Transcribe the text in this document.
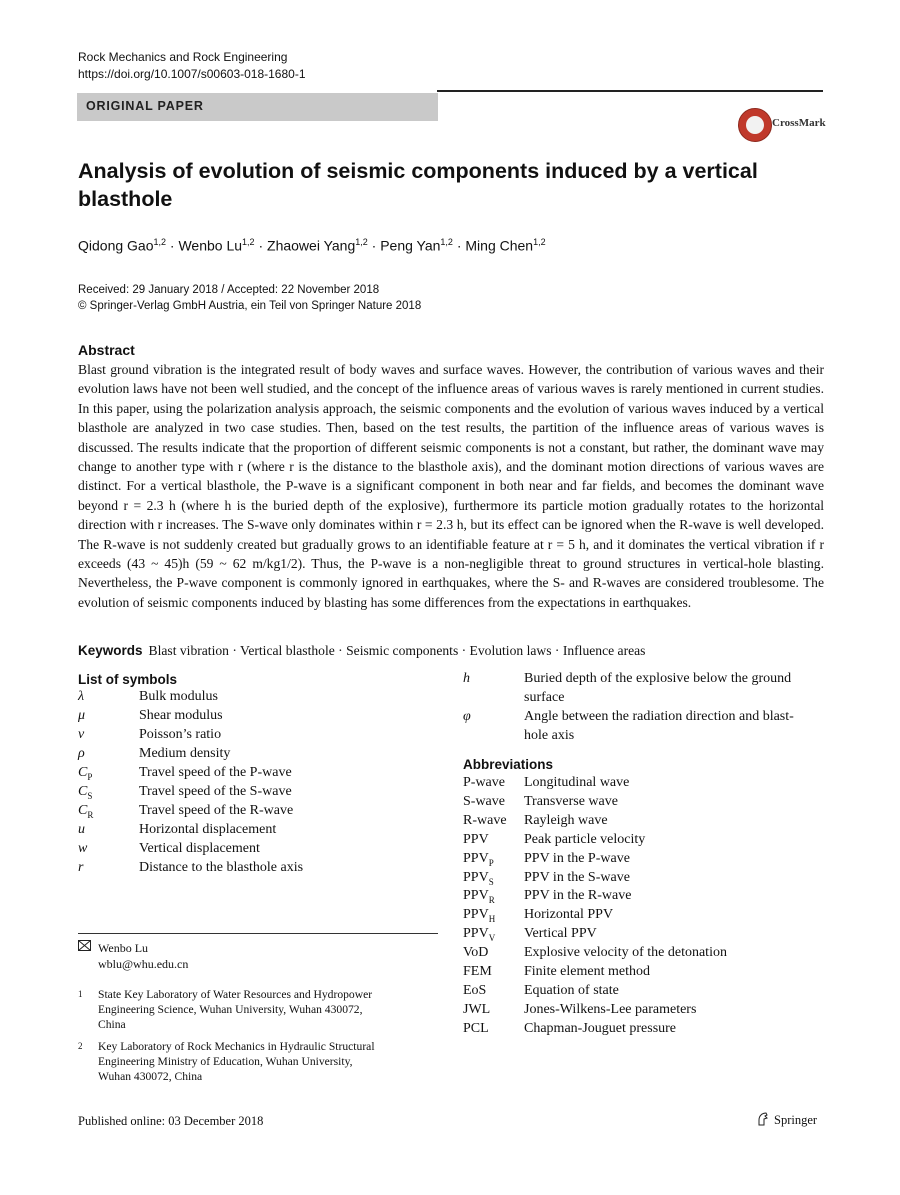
Rock Mechanics and Rock Engineering
https://doi.org/10.1007/s00603-018-1680-1
ORIGINAL PAPER
CrossMark
Analysis of evolution of seismic components induced by a vertical blasthole
Qidong Gao$^{1,2}$ · Wenbo Lu$^{1,2}$ · Zhaowei Yang$^{1,2}$ · Peng Yan$^{1,2}$ · Ming Chen$^{1,2}$
Received: 29 January 2018 / Accepted: 22 November 2018
© Springer-Verlag GmbH Austria, ein Teil von Springer Nature 2018
Abstract
Blast ground vibration is the integrated result of body waves and surface waves. However, the contribution of various waves and their evolution laws have not been well studied, and the concept of the influence areas of various waves is rarely mentioned in current studies. In this paper, using the polarization analysis approach, the seismic components and the evolution of various waves induced by a vertical blasthole are analyzed in two case studies. Then, based on the test results, the partition of the influence areas of various waves is discussed. The results indicate that the proportion of different seismic components is not a constant, but rather, the dominant wave may change to another type with r (where r is the distance to the blasthole axis), and the dominant motion directions of various waves are distinct. For a vertical blasthole, the P-wave is a significant component in both near and far fields, and becomes the dominant wave beyond r = 2.3 h (where h is the buried depth of the explosive), furthermore its particle motion gradually rotates to the horizontal direction with r increases. The S-wave only dominates within r = 2.3 h, but its effect can be ignored when the R-wave is well developed. The R-wave is not suddenly created but gradually grows to an identifiable feature at r = 5 h, and it dominates the vertical vibration if r exceeds (43 ~ 45)h (59 ~ 62 m/kg1/2). Thus, the P-wave is a non-negligible threat to ground structures in vertical-hole blasting. Nevertheless, the P-wave component is commonly ignored in earthquakes, where the S- and R-waves are considered troublesome. The evolution of seismic components induced by blasting has some differences from the expectations in earthquakes.
Keywords Blast vibration · Vertical blasthole · Seismic components · Evolution laws · Influence areas
List of symbols
λ	Bulk modulus
μ	Shear modulus
ν	Poisson’s ratio
ρ	Medium density
$C_P$	Travel speed of the P-wave
$C_S$	Travel speed of the S-wave
$C_R$	Travel speed of the R-wave
u	Horizontal displacement
w	Vertical displacement
r	Distance to the blasthole axis
h	Buried depth of the explosive below the ground
surface
φ	Angle between the radiation direction and blast-
hole axis
Abbreviations
P-wave Longitudinal wave
S-wave Transverse wave
R-wave Rayleigh wave
PPV	Peak particle velocity
$PPV_P$ PPV in the P-wave
$PPV_S$ PPV in the S-wave
$PPV_R$ PPV in the R-wave
$PPV_H$ Horizontal PPV
$PPV_V$ Vertical PPV
VoD	Explosive velocity of the detonation
FEM Finite element method
EoS	Equation of state
JWL Jones-Wilkens-Lee parameters
PCL	Chapman-Jouguet pressure
Wenbo Lu
wblu@whu.edu.cn
1 State Key Laboratory of Water Resources and Hydropower
Engineering Science, Wuhan University, Wuhan 430072,
China
2 Key Laboratory of Rock Mechanics in Hydraulic Structural
Engineering Ministry of Education, Wuhan University,
Wuhan 430072, China
Published online: 03 December 2018	Springer
